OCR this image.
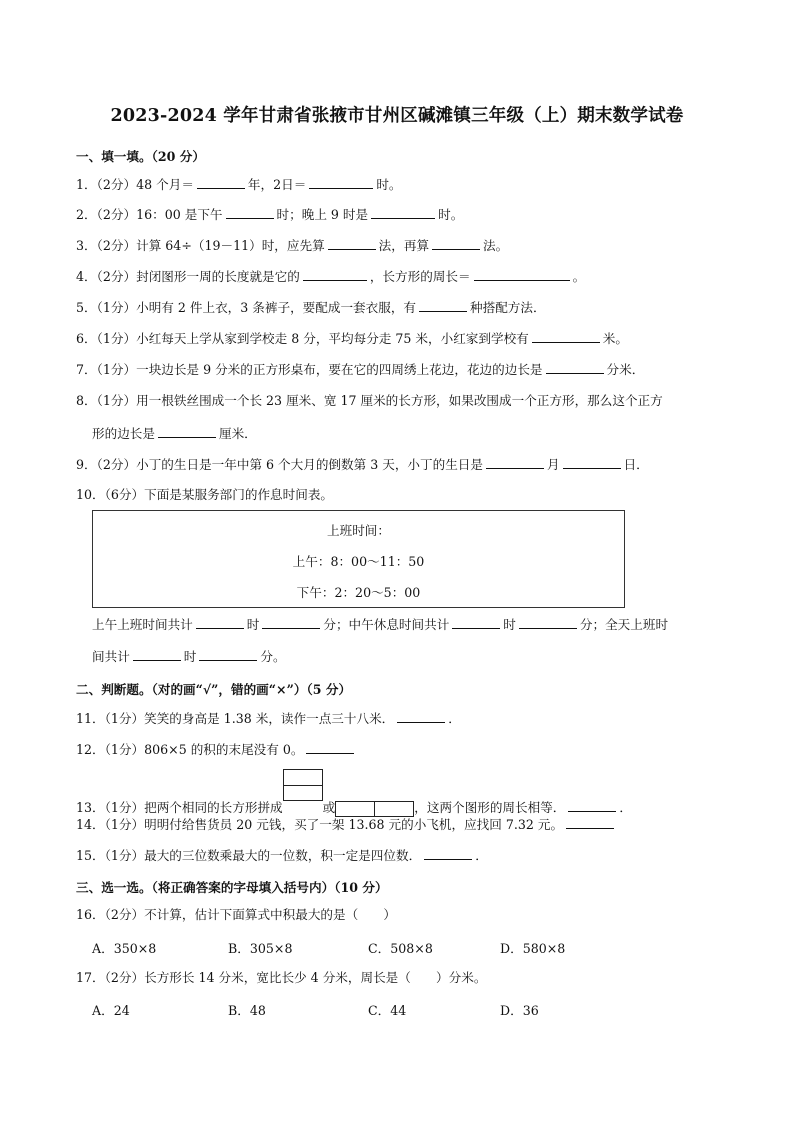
2023-2024 学年甘肃省张掖市甘州区碱滩镇三年级（上）期末数学试卷
一、填一填。（20 分）
1．（2分）48 个月＝	年，2日＝	时。
2．（2分）16：00 是下午	时；晚上 9 时是	时。
3．（2分）计算 64÷（19－11）时，应先算	法，再算	法。
4．（2分）封闭图形一周的长度就是它的	，长方形的周长＝	。
5．（1分）小明有 2 件上衣，3 条裤子，要配成一套衣服，有	种搭配方法．
6．（1分）小红每天上学从家到学校走 8 分，平均每分走 75 米，小红家到学校有	米。
7．（1分）一块边长是 9 分米的正方形桌布，要在它的四周绣上花边，花边的边长是	分米．
8．（1分）用一根铁丝围成一个长 23 厘米、宽 17 厘米的长方形，如果改围成一个正方形，那么这个正方
形的边长是	厘米．
9．（2分）小丁的生日是一年中第 6 个大月的倒数第 3 天，小丁的生日是	月	日．
10．（6分）下面是某服务部门的作息时间表。
上班时间：
上午：8：00～11：50
下午：2：20～5：00
上午上班时间共计	时	分；中午休息时间共计	时	分；全天上班时
间共计	时	分。
二、判断题。（对的画“√”，错的画“×”）（5 分）
11．（1分）笑笑的身高是 1.38 米，读作一点三十八米．	．
12．（1分）806×5 的积的末尾没有 0。
13．（1分）把两个相同的长方形拼成	或	，这两个图形的周长相等．	．
14．（1分）明明付给售货员 20 元钱，买了一架 13.68 元的小飞机，应找回 7.32 元。
15．（1分）最大的三位数乘最大的一位数，积一定是四位数．	．
三、选一选。（将正确答案的字母填入括号内）（10 分）
16．（2分）不计算，估计下面算式中积最大的是（　　）
A．350×8	B．305×8	C．508×8	D．580×8
17．（2分）长方形长 14 分米，宽比长少 4 分米，周长是（　　）分米。
A．24	B．48	C．44	D．36
